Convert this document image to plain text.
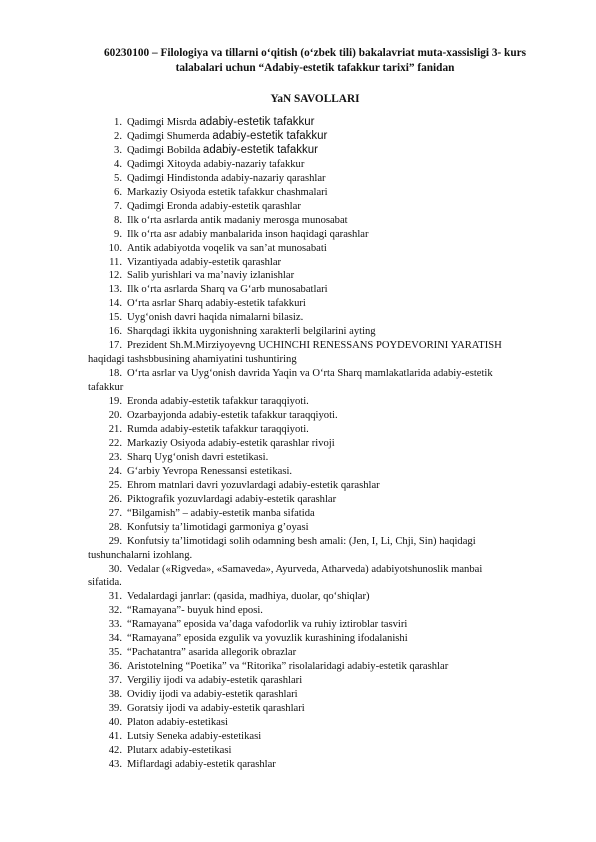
60230100 – Filologiya va tillarni o‘qitish (o‘zbek tili) bakalavriat muta-xassisligi 3- kurs talabalari uchun “Adabiy-estetik tafakkur tarixi” fanidan
YaN SAVOLLARI
1. Qadimgi Misrda adabiy-estetik tafakkur
2. Qadimgi Shumerda adabiy-estetik tafakkur
3. Qadimgi Bobilda adabiy-estetik tafakkur
4. Qadimgi Xitoyda adabiy-nazariy tafakkur
5. Qadimgi Hindistonda adabiy-nazariy qarashlar
6. Markaziy Osiyoda estetik tafakkur chashmalari
7. Qadimgi Eronda adabiy-estetik qarashlar
8. Ilk o‘rta asrlarda antik madaniy merosga munosabat
9. Ilk o‘rta asr adabiy manbalarida inson haqidagi qarashlar
10. Antik adabiyotda voqelik va san’at munosabati
11. Vizantiyada adabiy-estetik qarashlar
12. Salib yurishlari va ma’naviy izlanishlar
13. Ilk o‘rta asrlarda Sharq va G‘arb munosabatlari
14. O‘rta asrlar Sharq adabiy-estetik tafakkuri
15. Uyg‘onish davri haqida nimalarni bilasiz.
16. Sharqdagi ikkita uygonishning xarakterli belgilarini ayting
17. Prezident Sh.M.Mirziyoyevng UCHINCHI RENESSANS POYDEVORINI YARATISH
haqidagi tashsbbusining ahamiyatini tushuntiring
18. O‘rta asrlar va Uyg‘onish davrida Yaqin va O‘rta Sharq mamlakatlarida adabiy-estetik
tafakkur
19. Eronda adabiy-estetik tafakkur taraqqiyoti.
20. Ozarbayjonda adabiy-estetik tafakkur taraqqiyoti.
21. Rumda adabiy-estetik tafakkur taraqqiyoti.
22. Markaziy Osiyoda adabiy-estetik qarashlar rivoji
23. Sharq Uyg‘onish davri estetikasi.
24. G‘arbiy Yevropa Renessansi estetikasi.
25. Ehrom matnlari davri yozuvlardagi adabiy-estetik qarashlar
26. Piktografik yozuvlardagi adabiy-estetik qarashlar
27. “Bilgamish” – adabiy-estetik manba sifatida
28. Konfutsiy ta’limotidagi garmoniya g’oyasi
29. Konfutsiy ta’limotidagi solih odamning besh amali: (Jen, I, Li, Chji, Sin) haqidagi
tushunchalarni izohlang.
30. Vedalar («Rigveda», «Samaveda», Ayurveda, Atharveda) adabiyotshunoslik manbai
sifatida.
31. Vedalardagi janrlar: (qasida, madhiya, duolar, qo‘shiqlar)
32. “Ramayana”- buyuk hind eposi.
33. “Ramayana” eposida va’daga vafodorlik va ruhiy iztiroblar tasviri
34. “Ramayana” eposida ezgulik va yovuzlik kurashining ifodalanishi
35. “Pachatantra” asarida allegorik obrazlar
36. Aristotelning “Poetika” va “Ritorika” risolalaridagi adabiy-estetik qarashlar
37. Vergiliy ijodi va adabiy-estetik qarashlari
38. Ovidiy ijodi va adabiy-estetik qarashlari
39. Goratsiy ijodi va adabiy-estetik qarashlari
40. Platon adabiy-estetikasi
41. Lutsiy Seneka adabiy-estetikasi
42. Plutarx adabiy-estetikasi
43. Miflardagi adabiy-estetik qarashlar
